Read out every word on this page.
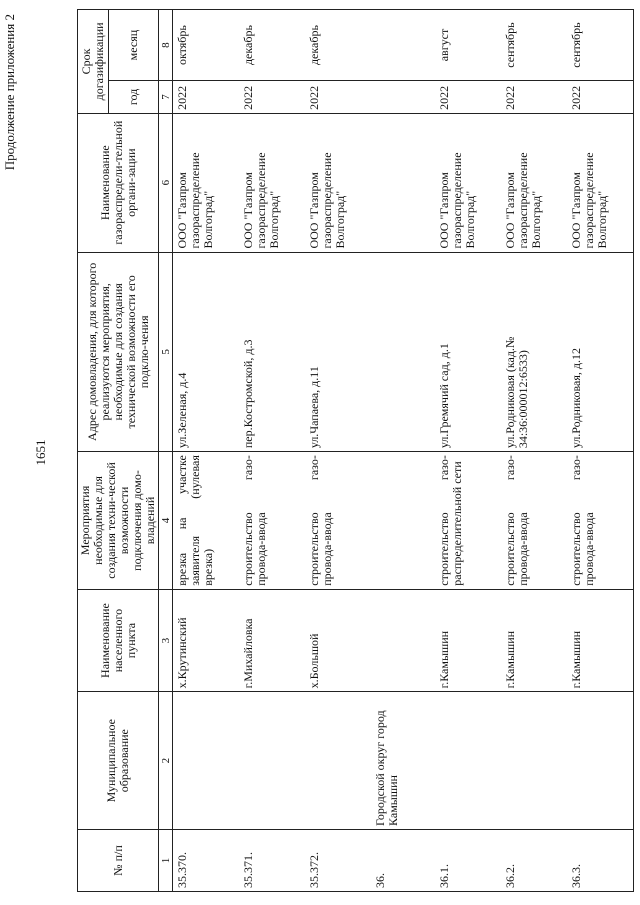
1651
Продолжение приложения 2
№ п/п	Муниципальное образование	Наименование населенного пункта	Мероприятия необходимые для создания техни-ческой возможности подключения домо-владений	Адрес домовладения, для которого реализуются мероприятия, необходимые для создания технической возможности его подклю-чения	Наименование газораспредели-тельной органи-зации	Срок догазификации	
						год	месяц
1	2	3	4	5	6	7	8
35.370.		х.Крутинский	врезка на участке заявителя (нулевая врезка)	ул.Зеленая, д.4	ООО "Газпром газораспределение Волгоград"	2022	октябрь
35.371.		г.Михайловка	строительство газо-провода-ввода	пер.Костромской, д.3	ООО "Газпром газораспределение Волгоград"	2022	декабрь
35.372.		х.Большой	строительство газо-провода-ввода	ул.Чапаева, д.11	ООО "Газпром газораспределение Волгоград"	2022	декабрь
36.	Городской округ город Камышин						
36.1.		г.Камышин	строительство газо-распределительной сети	ул.Гремячий сад, д.1	ООО "Газпром газораспределение Волгоград"	2022	август
36.2.		г.Камышин	строительство газо-провода-ввода	ул.Родниковая (кад.№ 34:36:000012:6533)	ООО "Газпром газораспределение Волгоград"	2022	сентябрь
36.3.		г.Камышин	строительство газо-провода-ввода	ул.Родниковая, д.12	ООО "Газпром газораспределение Волгоград"	2022	сентябрь
